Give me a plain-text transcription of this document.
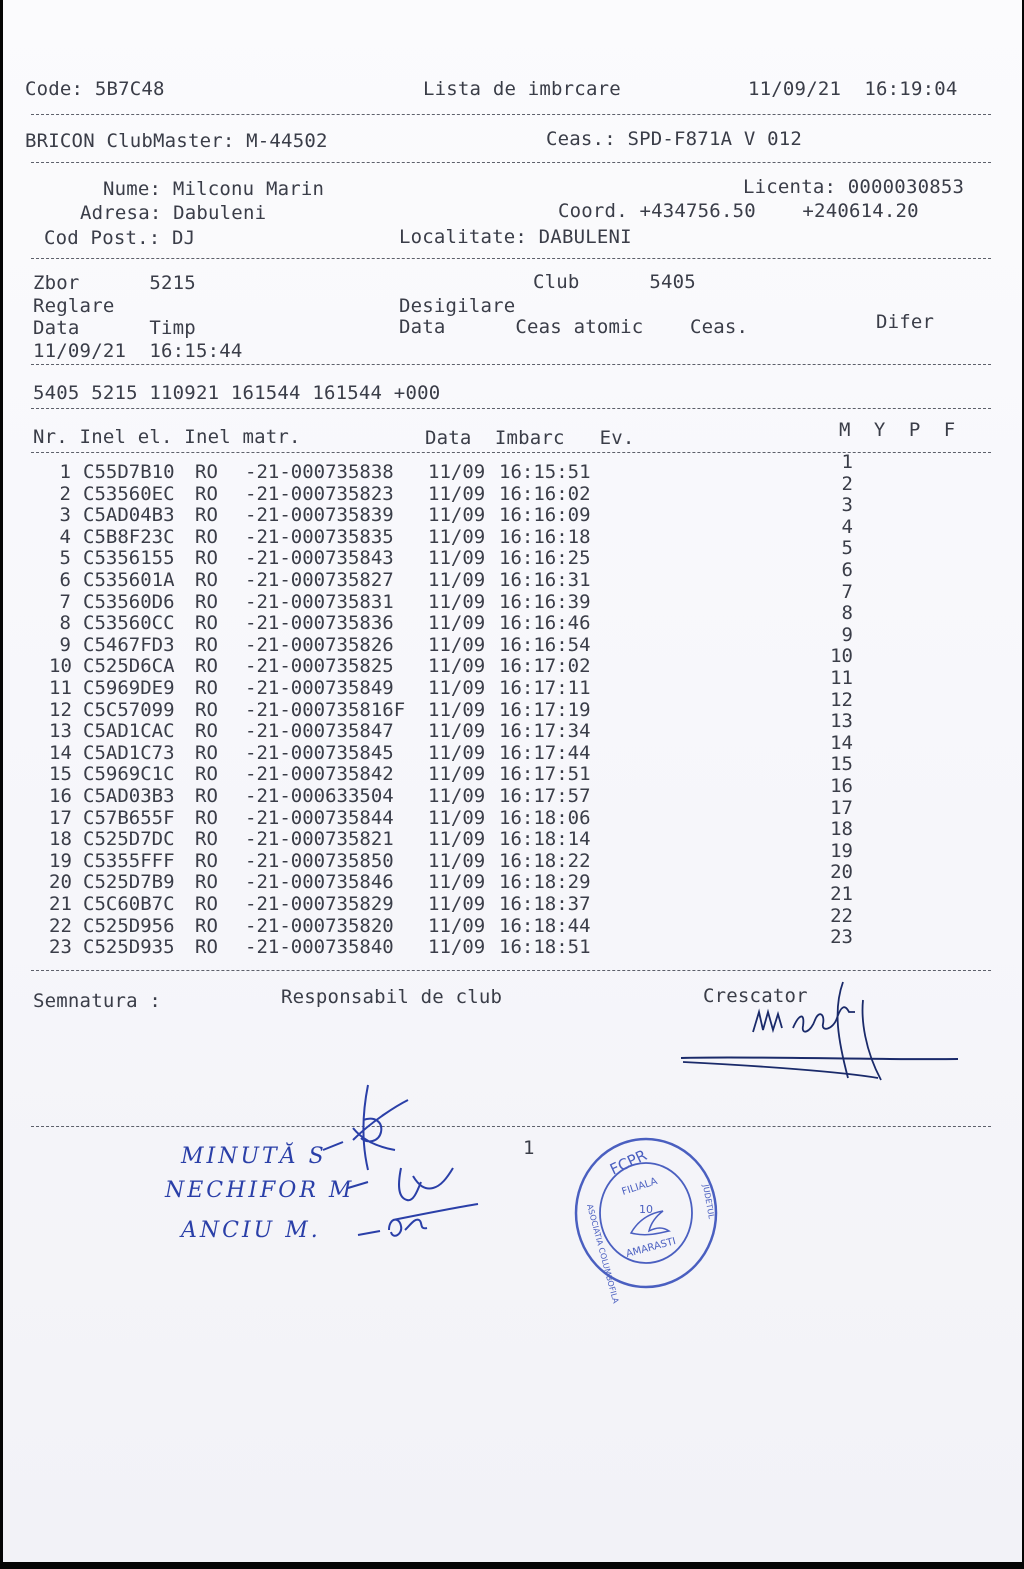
Code: 5B7C48	Lista de imbrcare	11/09/21  16:19:04
BRICON ClubMaster: M-44502	Ceas.: SPD-F871A V 012
Nume: Milconu Marin
Adresa: Dabuleni
Cod Post.: DJ
Licenta: 0000030853
Coord. +434756.50    +240614.20
Localitate: DABULENI
Zbor      5215	Club      5405
Reglare	Desigilare
Data      Timp	Data      Ceas atomic    Ceas.	Difer
11/09/21  16:15:44
5405 5215 110921 161544 161544 +000
Nr. Inel el. Inel matr.	Data  Imbarc   Ev.	M  Y  P  F
1 C55D7B10 RO -21-000735838 11/09 16:15:51	1
2 C53560EC RO -21-000735823 11/09 16:16:02	2
3 C5AD04B3 RO -21-000735839 11/09 16:16:09	3
4 C5B8F23C RO -21-000735835 11/09 16:16:18	4
5 C5356155 RO -21-000735843 11/09 16:16:25	5
6 C535601A RO -21-000735827 11/09 16:16:31	6
7 C53560D6 RO -21-000735831 11/09 16:16:39	7
8 C53560CC RO -21-000735836 11/09 16:16:46	8
9 C5467FD3 RO -21-000735826 11/09 16:16:54	9
10 C525D6CA RO -21-000735825 11/09 16:17:02	10
11 C5969DE9 RO -21-000735849 11/09 16:17:11	11
12 C5C57099 RO -21-000735816F 11/09 16:17:19	12
13 C5AD1CAC RO -21-000735847 11/09 16:17:34	13
14 C5AD1C73 RO -21-000735845 11/09 16:17:44	14
15 C5969C1C RO -21-000735842 11/09 16:17:51	15
16 C5AD03B3 RO -21-000633504 11/09 16:17:57	16
17 C57B655F RO -21-000735844 11/09 16:18:06	17
18 C525D7DC RO -21-000735821 11/09 16:18:14	18
19 C5355FFF RO -21-000735850 11/09 16:18:22	19
20 C525D7B9 RO -21-000735846 11/09 16:18:29	20
21 C5C60B7C RO -21-000735829 11/09 16:18:37	21
22 C525D956 RO -21-000735820 11/09 16:18:44	22
23 C525D935 RO -21-000735840 11/09 16:18:51	23
Semnatura :	Responsabil de club	Crescator
1
MINUTĂ S
NECHIFOR M
ANCIU M.
FCPR
FILIALA
10
AMARASTI
ASOCIATIA COLUMBOFILA
JUDETUL
